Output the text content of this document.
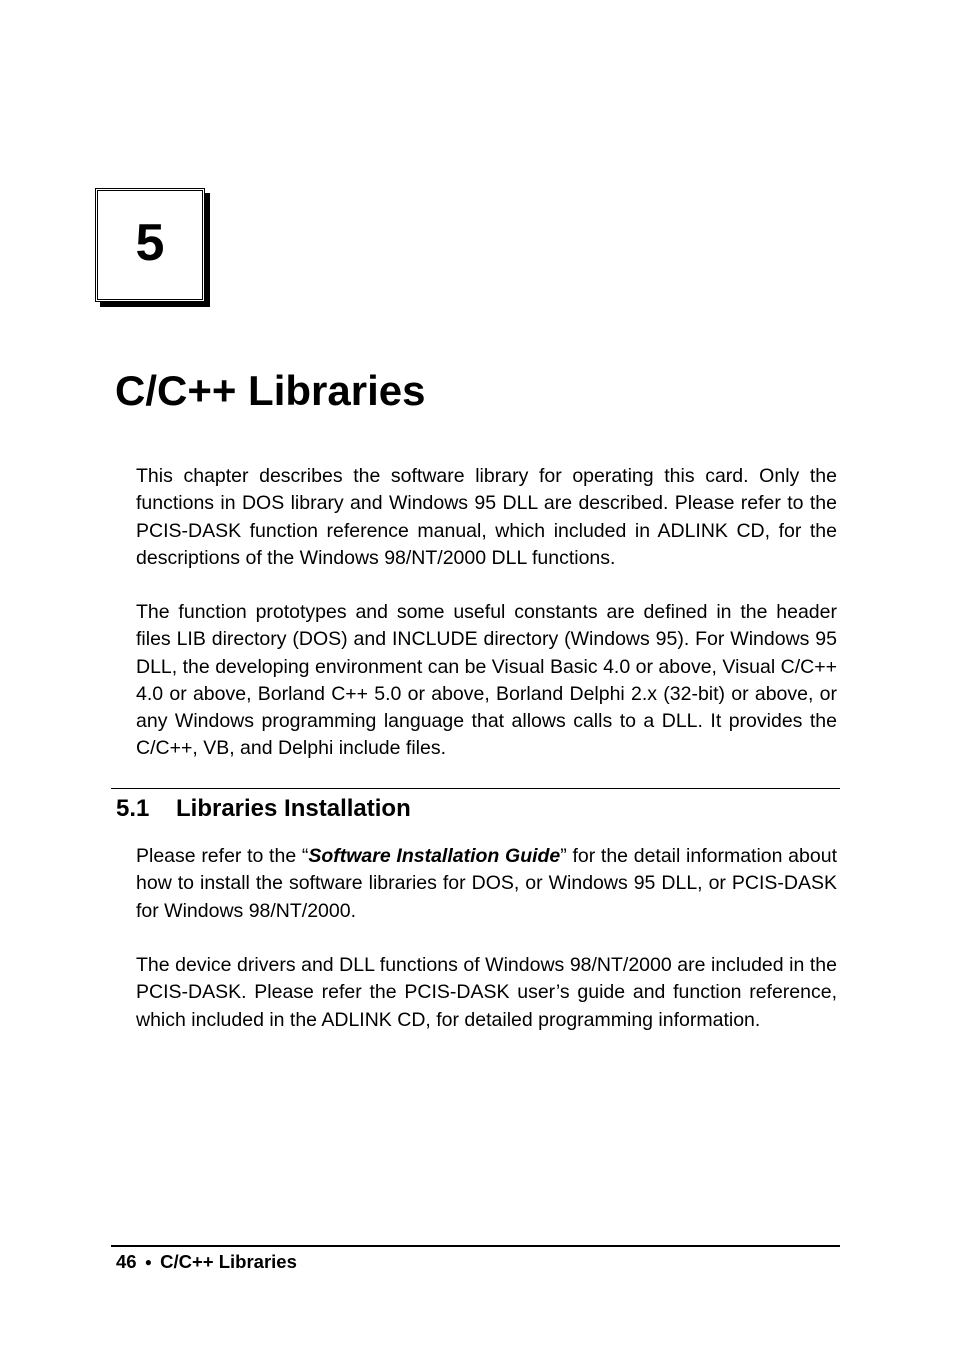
5
C/C++ Libraries

This chapter describes the software library for operating this card. Only the functions in DOS library and Windows 95 DLL are described. Please refer to the PCIS-DASK function reference manual, which included in ADLINK CD, for the descriptions of the Windows 98/NT/2000 DLL functions.

The function prototypes and some useful constants are defined in the header files LIB directory (DOS) and INCLUDE directory (Windows 95). For Windows 95 DLL, the developing environment can be Visual Basic 4.0 or above, Visual C/C++ 4.0 or above, Borland C++ 5.0 or above, Borland Delphi 2.x (32-bit) or above, or any Windows programming language that allows calls to a DLL. It provides the C/C++, VB, and Delphi include files.

5.1 Libraries Installation

Please refer to the “Software Installation Guide” for the detail information about how to install the software libraries for DOS, or Windows 95 DLL, or PCIS-DASK for Windows 98/NT/2000.

The device drivers and DLL functions of Windows 98/NT/2000 are included in the PCIS-DASK. Please refer the PCIS-DASK user’s guide and function reference, which included in the ADLINK CD, for detailed programming information.

46 ● C/C++ Libraries
